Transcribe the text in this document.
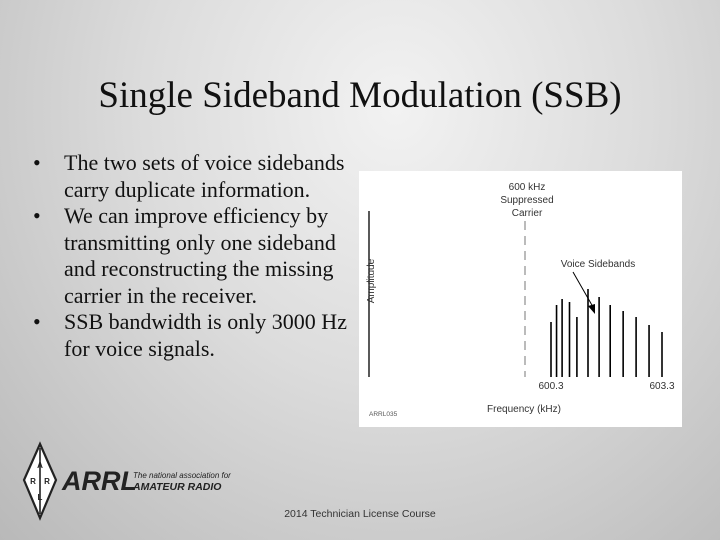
Single Sideband Modulation (SSB)
• The two sets of voice sidebands carry duplicate information.
• We can improve efficiency by transmitting only one sideband and reconstructing the missing carrier in the receiver.
• SSB bandwidth is only 3000 Hz for voice signals.
Amplitude
600 kHz
Suppressed
Carrier
Voice Sidebands
600.3	603.3
Frequency (kHz)
ARRL035
A
R R
L
ARRL
The national association for
AMATEUR RADIO
2014 Technician License Course
